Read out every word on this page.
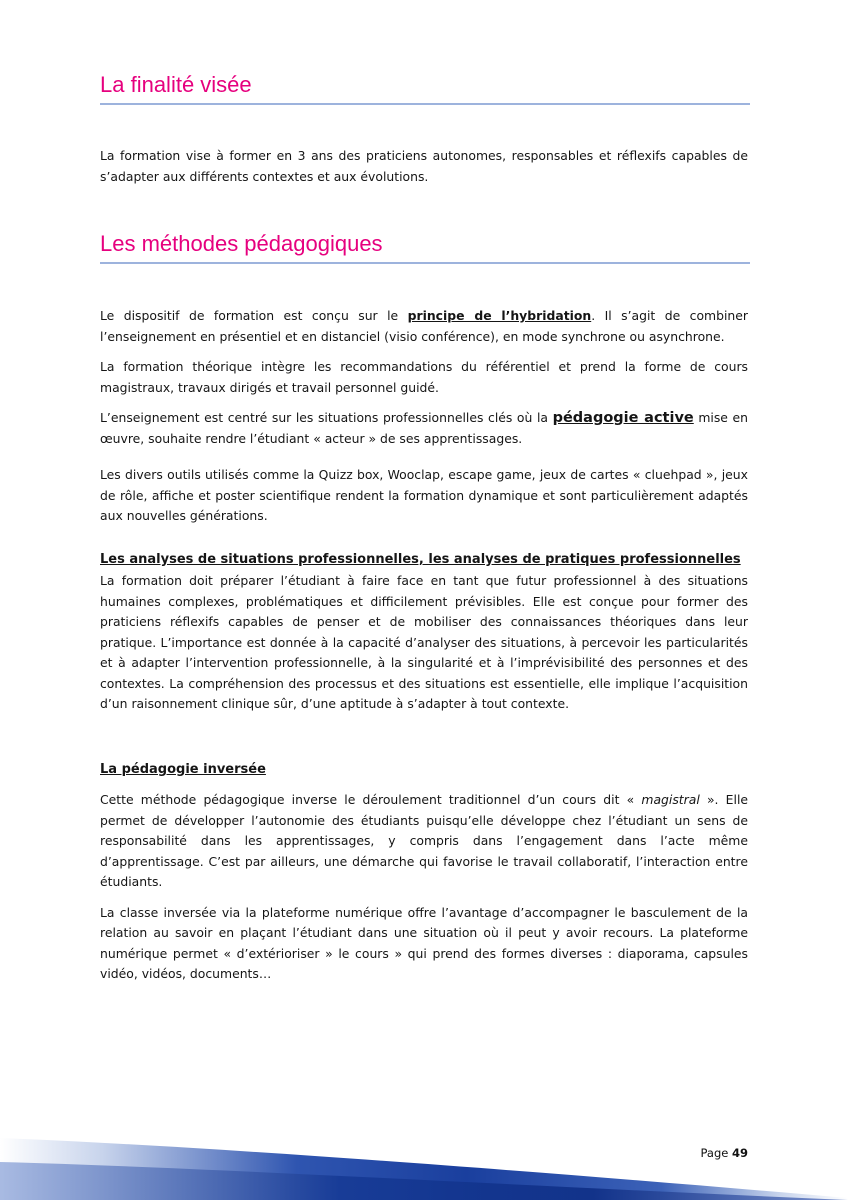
La finalité visée

La formation vise à former en 3 ans des praticiens autonomes, responsables et réflexifs capables de s’adapter aux différents contextes et aux évolutions.

Les méthodes pédagogiques

Le dispositif de formation est conçu sur le principe de l’hybridation. Il s’agit de combiner l’enseignement en présentiel et en distanciel (visio conférence), en mode synchrone ou asynchrone.

La formation théorique intègre les recommandations du référentiel et prend la forme de cours magistraux, travaux dirigés et travail personnel guidé.

L’enseignement est centré sur les situations professionnelles clés où la pédagogie active mise en œuvre, souhaite rendre l’étudiant « acteur » de ses apprentissages.

Les divers outils utilisés comme la Quizz box, Wooclap, escape game, jeux de cartes « cluehpad », jeux de rôle, affiche et poster scientifique rendent la formation dynamique et sont particulièrement adaptés aux nouvelles générations.

Les analyses de situations professionnelles, les analyses de pratiques professionnelles

La formation doit préparer l’étudiant à faire face en tant que futur professionnel à des situations humaines complexes, problématiques et difficilement prévisibles. Elle est conçue pour former des praticiens réflexifs capables de penser et de mobiliser des connaissances théoriques dans leur pratique. L’importance est donnée à la capacité d’analyser des situations, à percevoir les particularités et à adapter l’intervention professionnelle, à la singularité et à l’imprévisibilité des personnes et des contextes. La compréhension des processus et des situations est essentielle, elle implique l’acquisition d’un raisonnement clinique sûr, d’une aptitude à s’adapter à tout contexte.

La pédagogie inversée

Cette méthode pédagogique inverse le déroulement traditionnel d’un cours dit « magistral ». Elle permet de développer l’autonomie des étudiants puisqu’elle développe chez l’étudiant un sens de responsabilité dans les apprentissages, y compris dans l’engagement dans l’acte même d’apprentissage. C’est par ailleurs, une démarche qui favorise le travail collaboratif, l’interaction entre étudiants.

La classe inversée via la plateforme numérique offre l’avantage d’accompagner le basculement de la relation au savoir en plaçant l’étudiant dans une situation où il peut y avoir recours. La plateforme numérique permet « d’extérioriser » le cours » qui prend des formes diverses : diaporama, capsules vidéo, vidéos, documents…

Page 49
